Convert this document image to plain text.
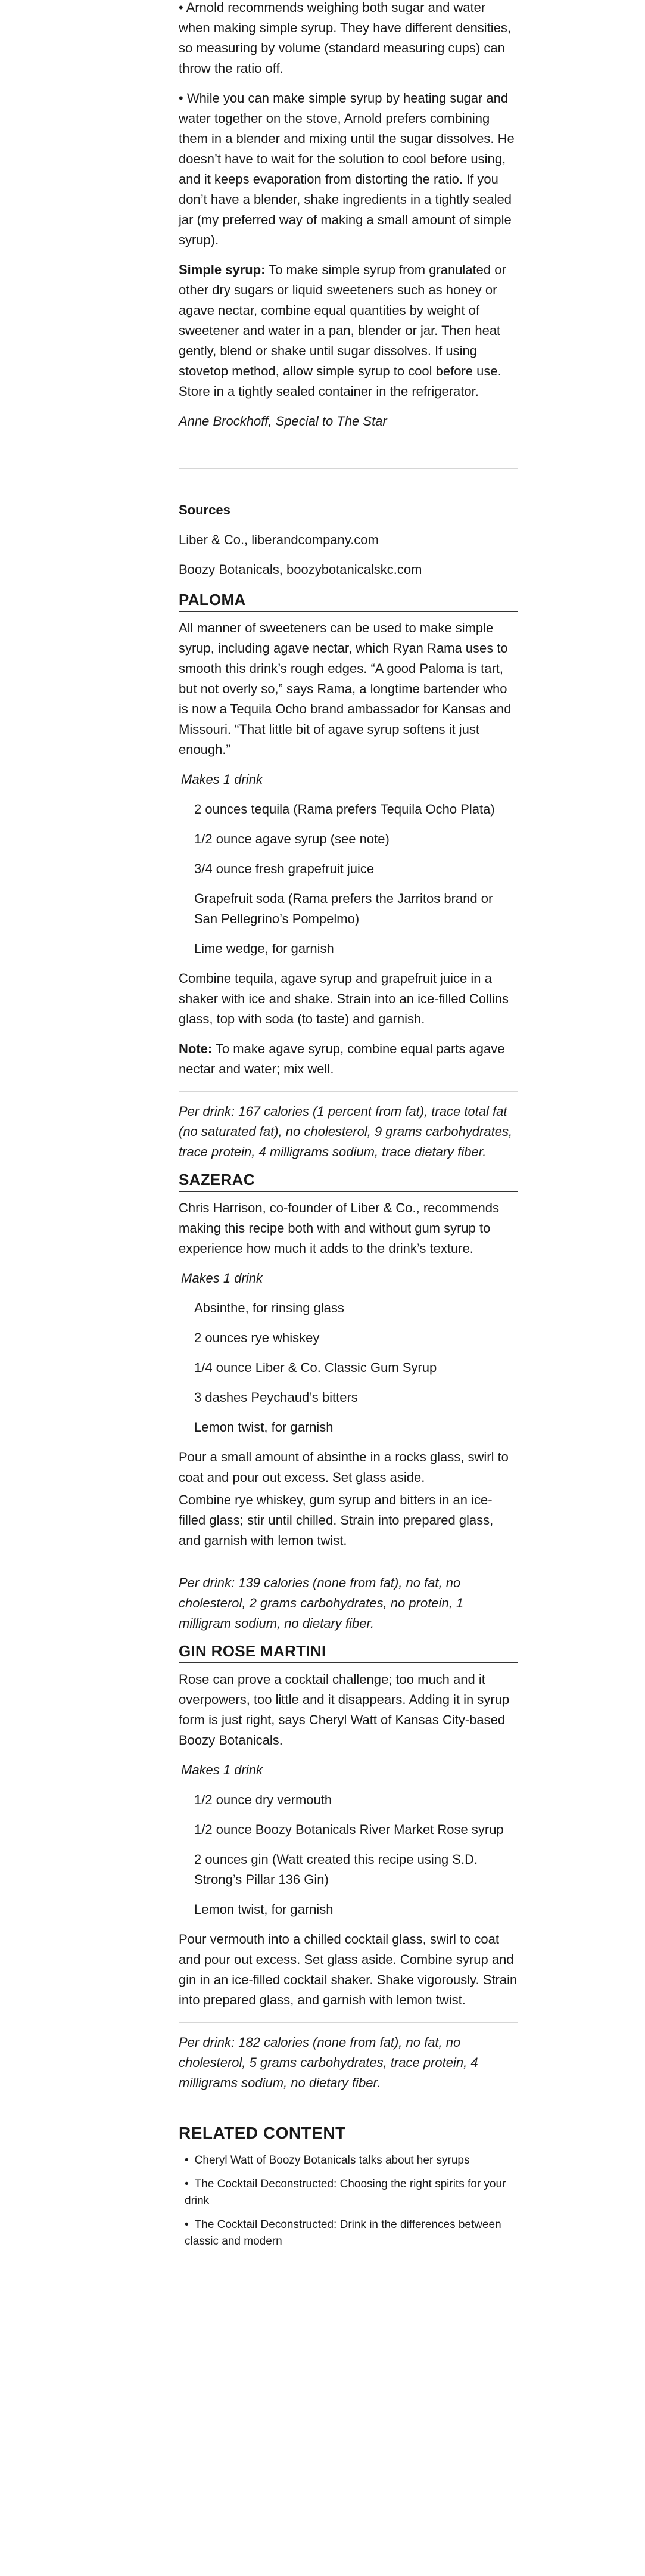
• Arnold recommends weighing both sugar and water when making simple syrup. They have different densities, so measuring by volume (standard measuring cups) can throw the ratio off.

• While you can make simple syrup by heating sugar and water together on the stove, Arnold prefers combining them in a blender and mixing until the sugar dissolves. He doesn’t have to wait for the solution to cool before using, and it keeps evaporation from distorting the ratio. If you don’t have a blender, shake ingredients in a tightly sealed jar (my preferred way of making a small amount of simple syrup).

Simple syrup: To make simple syrup from granulated or other dry sugars or liquid sweeteners such as honey or agave nectar, combine equal quantities by weight of sweetener and water in a pan, blender or jar. Then heat gently, blend or shake until sugar dissolves. If using stovetop method, allow simple syrup to cool before use. Store in a tightly sealed container in the refrigerator.

Anne Brockhoff, Special to The Star

Sources

Liber & Co., liberandcompany.com

Boozy Botanicals, boozybotanicalskc.com

PALOMA

All manner of sweeteners can be used to make simple syrup, including agave nectar, which Ryan Rama uses to smooth this drink’s rough edges. “A good Paloma is tart, but not overly so,” says Rama, a longtime bartender who is now a Tequila Ocho brand ambassador for Kansas and Missouri. “That little bit of agave syrup softens it just enough.”

Makes 1 drink

2 ounces tequila (Rama prefers Tequila Ocho Plata)

1/2 ounce agave syrup (see note)

3/4 ounce fresh grapefruit juice

Grapefruit soda (Rama prefers the Jarritos brand or San Pellegrino’s Pompelmo)

Lime wedge, for garnish

Combine tequila, agave syrup and grapefruit juice in a shaker with ice and shake. Strain into an ice-filled Collins glass, top with soda (to taste) and garnish.

Note: To make agave syrup, combine equal parts agave nectar and water; mix well.

Per drink: 167 calories (1 percent from fat), trace total fat (no saturated fat), no cholesterol, 9 grams carbohydrates, trace protein, 4 milligrams sodium, trace dietary fiber.

SAZERAC

Chris Harrison, co-founder of Liber & Co., recommends making this recipe both with and without gum syrup to experience how much it adds to the drink’s texture.

Makes 1 drink

Absinthe, for rinsing glass

2 ounces rye whiskey

1/4 ounce Liber & Co. Classic Gum Syrup

3 dashes Peychaud’s bitters

Lemon twist, for garnish

Pour a small amount of absinthe in a rocks glass, swirl to coat and pour out excess. Set glass aside.

Combine rye whiskey, gum syrup and bitters in an ice-filled glass; stir until chilled. Strain into prepared glass, and garnish with lemon twist.

Per drink: 139 calories (none from fat), no fat, no cholesterol, 2 grams carbohydrates, no protein, 1 milligram sodium, no dietary fiber.

GIN ROSE MARTINI

Rose can prove a cocktail challenge; too much and it overpowers, too little and it disappears. Adding it in syrup form is just right, says Cheryl Watt of Kansas City-based Boozy Botanicals.

Makes 1 drink

1/2 ounce dry vermouth

1/2 ounce Boozy Botanicals River Market Rose syrup

2 ounces gin (Watt created this recipe using S.D. Strong’s Pillar 136 Gin)

Lemon twist, for garnish

Pour vermouth into a chilled cocktail glass, swirl to coat and pour out excess. Set glass aside. Combine syrup and gin in an ice-filled cocktail shaker. Shake vigorously. Strain into prepared glass, and garnish with lemon twist.

Per drink: 182 calories (none from fat), no fat, no cholesterol, 5 grams carbohydrates, trace protein, 4 milligrams sodium, no dietary fiber.

RELATED CONTENT
• Cheryl Watt of Boozy Botanicals talks about her syrups
• The Cocktail Deconstructed: Choosing the right spirits for your drink
• The Cocktail Deconstructed: Drink in the differences between classic and modern
